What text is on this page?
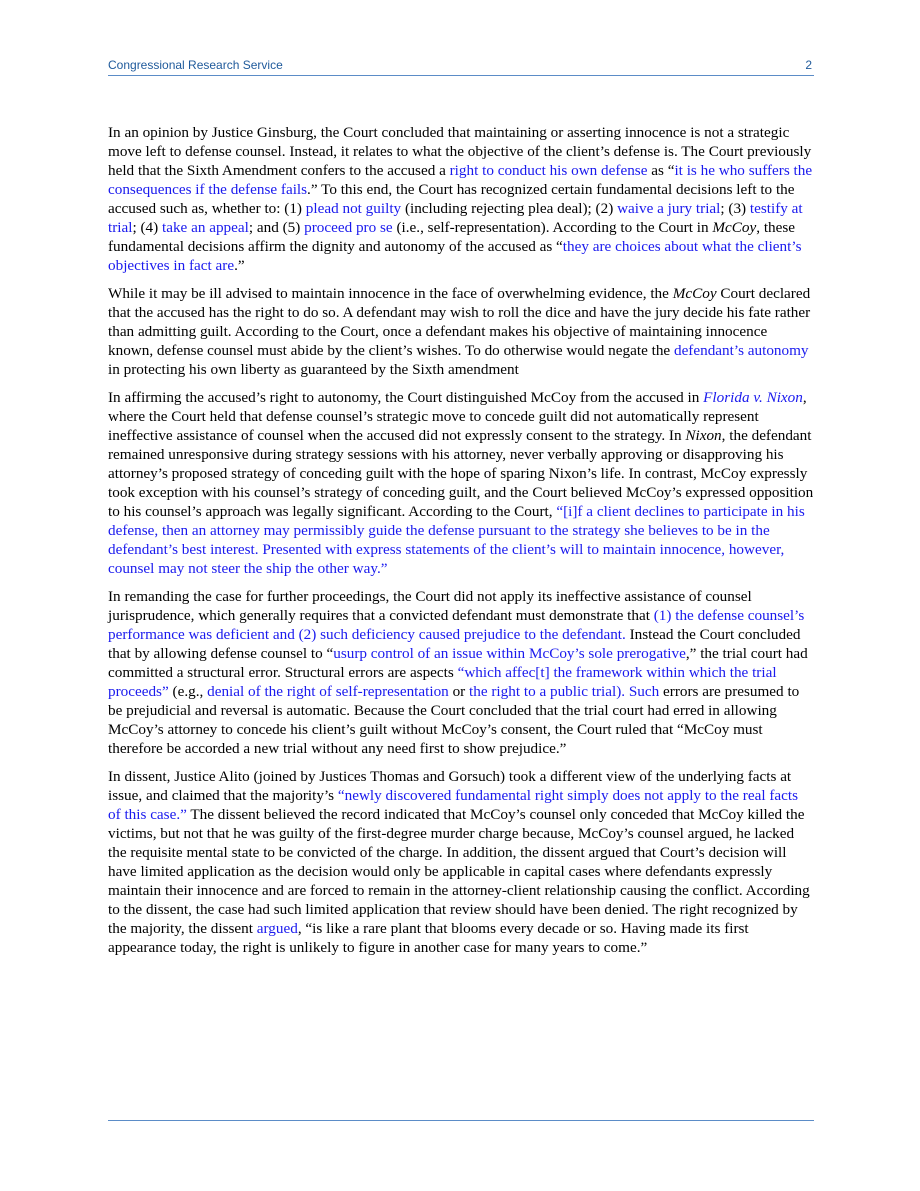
Congressional Research Service	2

In an opinion by Justice Ginsburg, the Court concluded that maintaining or asserting innocence is not a strategic move left to defense counsel. Instead, it relates to what the objective of the client’s defense is. The Court previously held that the Sixth Amendment confers to the accused a right to conduct his own defense as “it is he who suffers the consequences if the defense fails.” To this end, the Court has recognized certain fundamental decisions left to the accused such as, whether to: (1) plead not guilty (including rejecting plea deal); (2) waive a jury trial; (3) testify at trial; (4) take an appeal; and (5) proceed pro se (i.e., self-representation). According to the Court in McCoy, these fundamental decisions affirm the dignity and autonomy of the accused as “they are choices about what the client’s objectives in fact are.”

While it may be ill advised to maintain innocence in the face of overwhelming evidence, the McCoy Court declared that the accused has the right to do so. A defendant may wish to roll the dice and have the jury decide his fate rather than admitting guilt. According to the Court, once a defendant makes his objective of maintaining innocence known, defense counsel must abide by the client’s wishes. To do otherwise would negate the defendant’s autonomy in protecting his own liberty as guaranteed by the Sixth amendment

In affirming the accused’s right to autonomy, the Court distinguished McCoy from the accused in Florida v. Nixon, where the Court held that defense counsel’s strategic move to concede guilt did not automatically represent ineffective assistance of counsel when the accused did not expressly consent to the strategy. In Nixon, the defendant remained unresponsive during strategy sessions with his attorney, never verbally approving or disapproving his attorney’s proposed strategy of conceding guilt with the hope of sparing Nixon’s life. In contrast, McCoy expressly took exception with his counsel’s strategy of conceding guilt, and the Court believed McCoy’s expressed opposition to his counsel’s approach was legally significant. According to the Court, “[i]f a client declines to participate in his defense, then an attorney may permissibly guide the defense pursuant to the strategy she believes to be in the defendant’s best interest. Presented with express statements of the client’s will to maintain innocence, however, counsel may not steer the ship the other way.”

In remanding the case for further proceedings, the Court did not apply its ineffective assistance of counsel jurisprudence, which generally requires that a convicted defendant must demonstrate that (1) the defense counsel’s performance was deficient and (2) such deficiency caused prejudice to the defendant. Instead the Court concluded that by allowing defense counsel to “usurp control of an issue within McCoy’s sole prerogative,” the trial court had committed a structural error. Structural errors are aspects “which affec[t] the framework within which the trial proceeds” (e.g., denial of the right of self-representation or the right to a public trial). Such errors are presumed to be prejudicial and reversal is automatic. Because the Court concluded that the trial court had erred in allowing McCoy’s attorney to concede his client’s guilt without McCoy’s consent, the Court ruled that “McCoy must therefore be accorded a new trial without any need first to show prejudice.”

In dissent, Justice Alito (joined by Justices Thomas and Gorsuch) took a different view of the underlying facts at issue, and claimed that the majority’s “newly discovered fundamental right simply does not apply to the real facts of this case.” The dissent believed the record indicated that McCoy’s counsel only conceded that McCoy killed the victims, but not that he was guilty of the first-degree murder charge because, McCoy’s counsel argued, he lacked the requisite mental state to be convicted of the charge. In addition, the dissent argued that Court’s decision will have limited application as the decision would only be applicable in capital cases where defendants expressly maintain their innocence and are forced to remain in the attorney-client relationship causing the conflict. According to the dissent, the case had such limited application that review should have been denied. The right recognized by the majority, the dissent argued, “is like a rare plant that blooms every decade or so. Having made its first appearance today, the right is unlikely to figure in another case for many years to come.”
